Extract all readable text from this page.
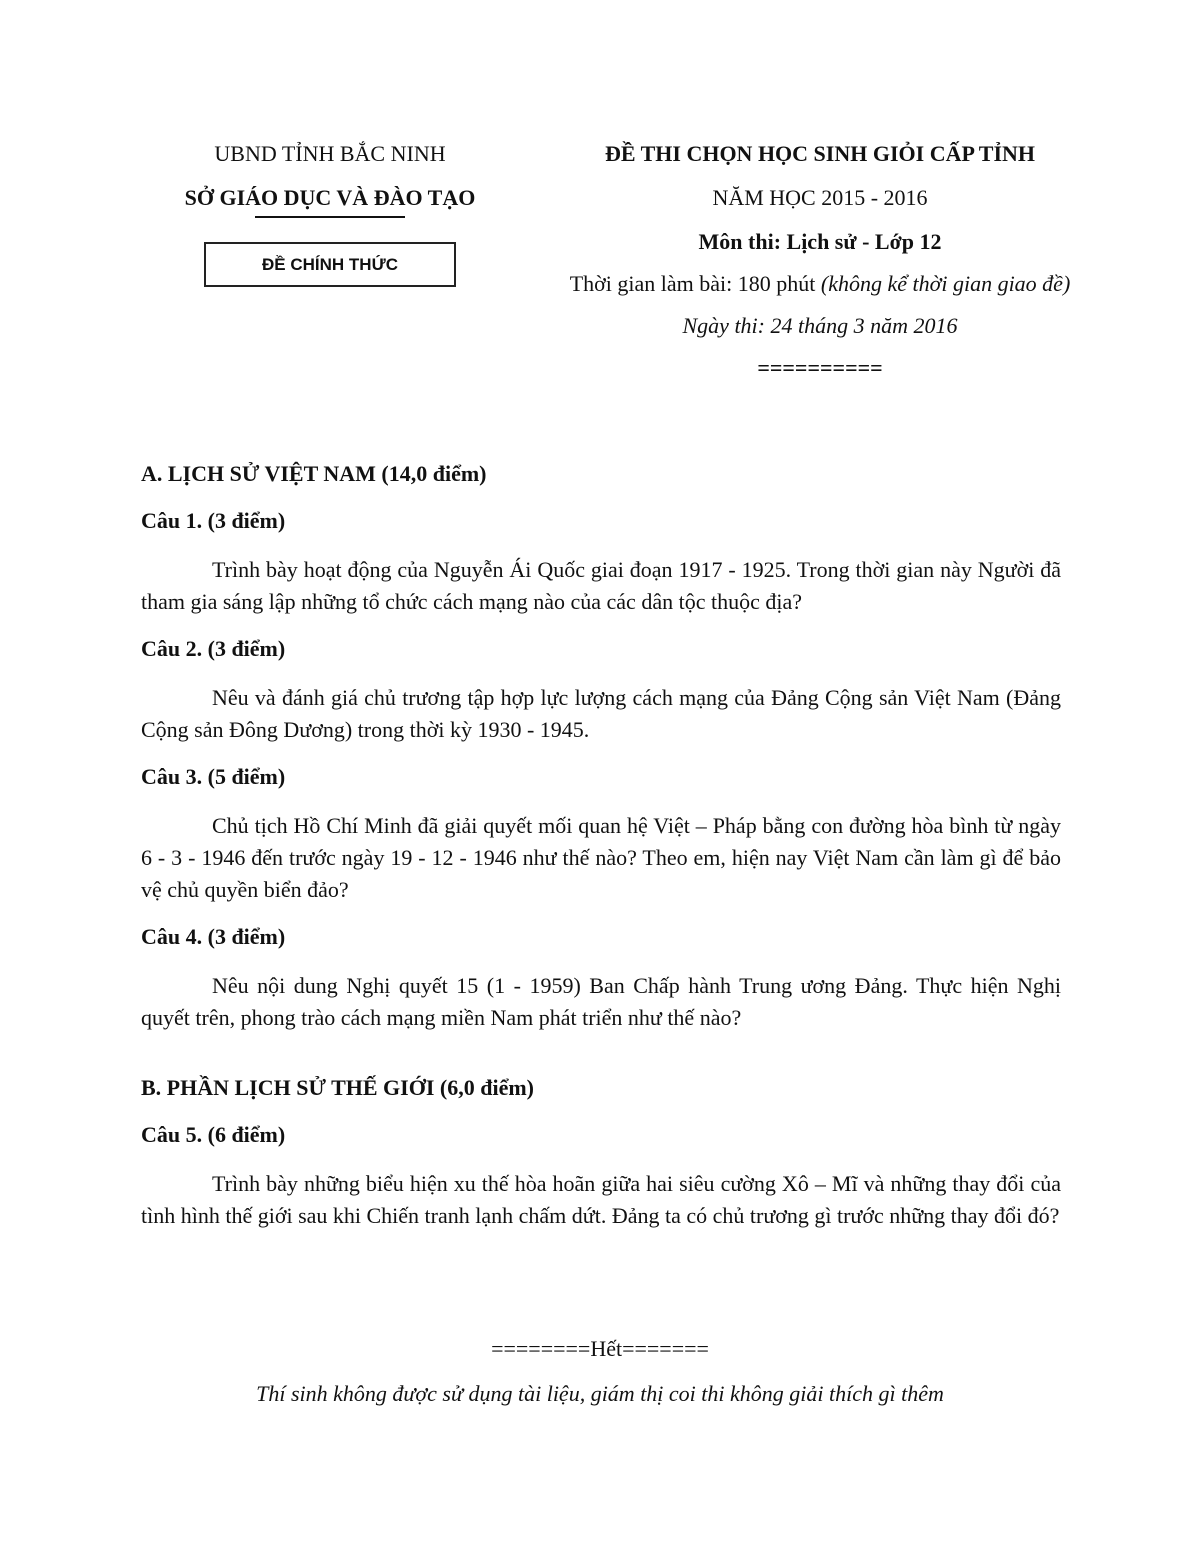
UBND TỈNH BẮC NINH
SỞ GIÁO DỤC VÀ ĐÀO TẠO
ĐỀ CHÍNH THỨC
ĐỀ THI CHỌN HỌC SINH GIỎI CẤP TỈNH
NĂM HỌC 2015 - 2016
Môn thi: Lịch sử - Lớp 12
Thời gian làm bài: 180 phút (không kể thời gian giao đề)
Ngày thi: 24 tháng 3 năm 2016
==========
A. LỊCH SỬ VIỆT NAM (14,0 điểm)
Câu 1. (3 điểm)
Trình bày hoạt động của Nguyễn Ái Quốc giai đoạn 1917 - 1925. Trong thời gian này Người đã tham gia sáng lập những tổ chức cách mạng nào của các dân tộc thuộc địa?
Câu 2. (3 điểm)
Nêu và đánh giá chủ trương tập hợp lực lượng cách mạng của Đảng Cộng sản Việt Nam (Đảng Cộng sản Đông Dương) trong thời kỳ 1930 - 1945.
Câu 3. (5 điểm)
Chủ tịch Hồ Chí Minh đã giải quyết mối quan hệ Việt – Pháp bằng con đường hòa bình từ ngày 6 - 3 - 1946 đến trước ngày 19 - 12 - 1946 như thế nào? Theo em, hiện nay Việt Nam cần làm gì để bảo vệ chủ quyền biển đảo?
Câu 4. (3 điểm)
Nêu nội dung Nghị quyết 15 (1 - 1959) Ban Chấp hành Trung ương Đảng. Thực hiện Nghị quyết trên, phong trào cách mạng miền Nam phát triển như thế nào?
B. PHẦN LỊCH SỬ THẾ GIỚI (6,0 điểm)
Câu 5. (6 điểm)
Trình bày những biểu hiện xu thế hòa hoãn giữa hai siêu cường Xô – Mĩ và những thay đổi của tình hình thế giới sau khi Chiến tranh lạnh chấm dứt. Đảng ta có chủ trương gì trước những thay đổi đó?
========Hết=======
Thí sinh không được sử dụng tài liệu, giám thị coi thi không giải thích gì thêm
